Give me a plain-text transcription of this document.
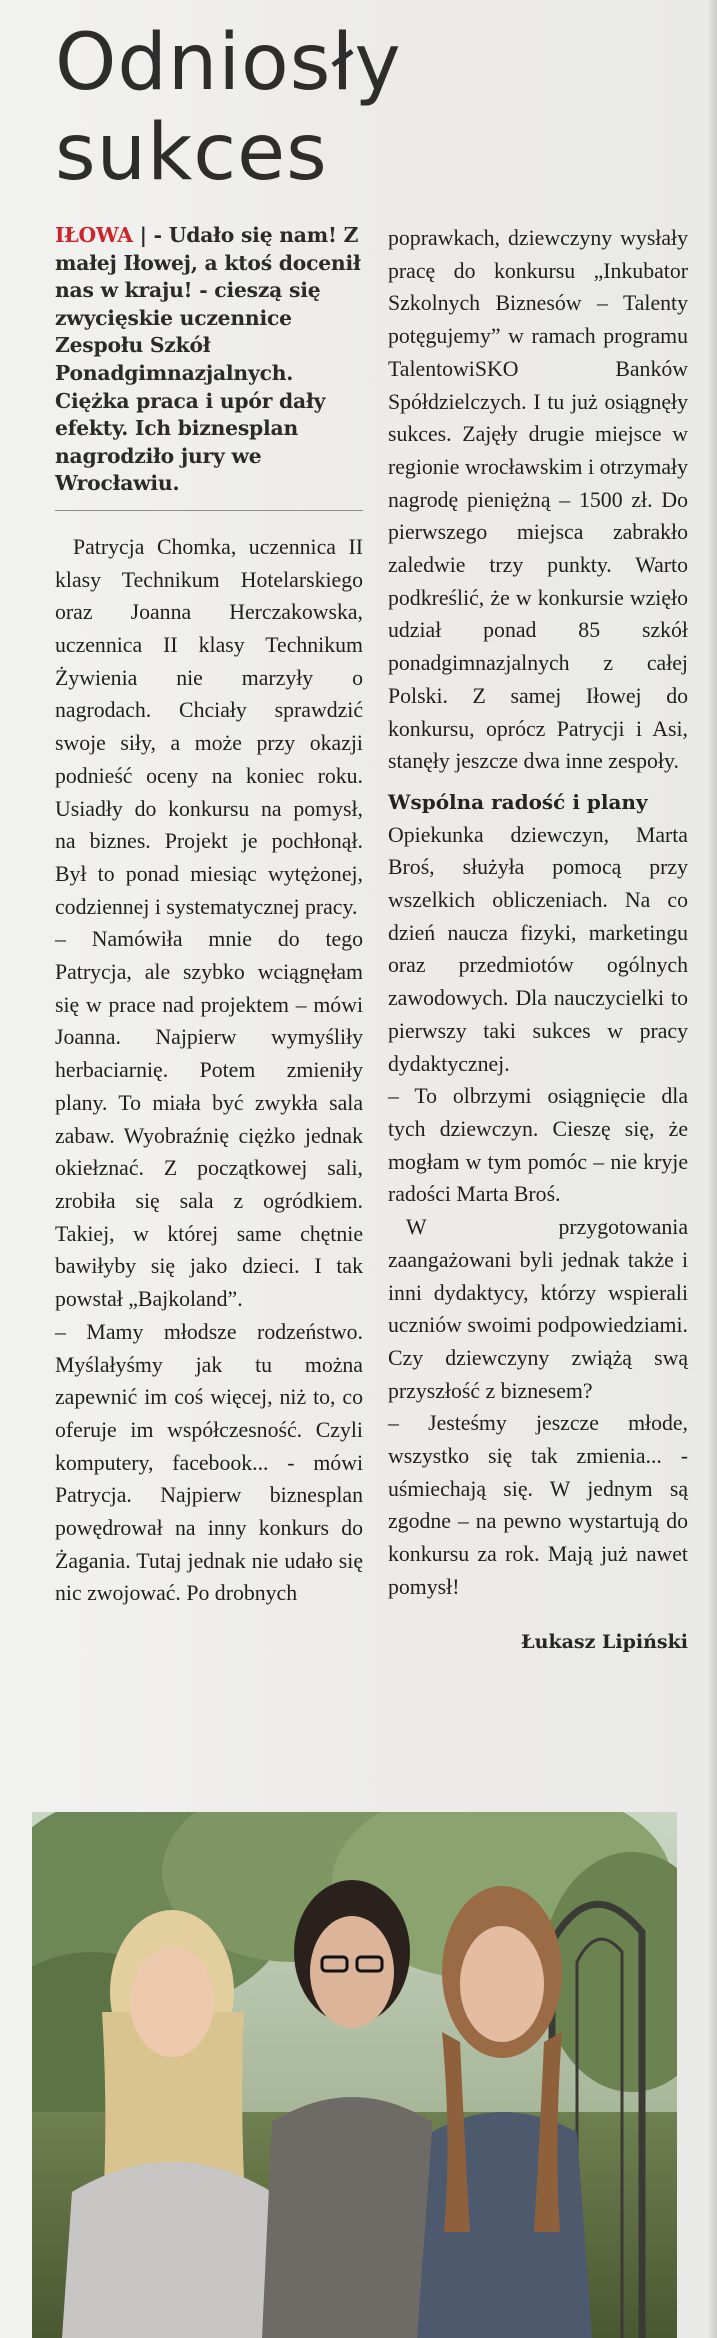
Odniosły
sukces

IŁOWA | - Udało się nam! Z małej Iłowej, a ktoś docenił nas w kraju! - cieszą się zwycięskie uczennice Zespołu Szkół Ponadgimnazjalnych. Ciężka praca i upór dały efekty. Ich biznesplan nagrodziło jury we Wrocławiu.

Patrycja Chomka, uczennica II klasy Technikum Hotelarskiego oraz Joanna Herczakowska, uczennica II klasy Technikum Żywienia nie marzyły o nagrodach. Chciały sprawdzić swoje siły, a może przy okazji podnieść oceny na koniec roku. Usiadły do konkursu na pomysł, na biznes. Projekt je pochłonął. Był to ponad miesiąc wytężonej, codziennej i systematycznej pracy.

– Namówiła mnie do tego Patrycja, ale szybko wciągnęłam się w prace nad projektem – mówi Joanna. Najpierw wymyśliły herbaciarnię. Potem zmieniły plany. To miała być zwykła sala zabaw. Wyobraźnię ciężko jednak okiełznać. Z początkowej sali, zrobiła się sala z ogródkiem. Takiej, w której same chętnie bawiłyby się jako dzieci. I tak powstał „Bajkoland”.

– Mamy młodsze rodzeństwo. Myślałyśmy jak tu można zapewnić im coś więcej, niż to, co oferuje im współczesność. Czyli komputery, facebook... - mówi Patrycja. Najpierw biznesplan powędrował na inny konkurs do Żagania. Tutaj jednak nie udało się nic zwojować. Po drobnych

poprawkach, dziewczyny wysłały pracę do konkursu „Inkubator Szkolnych Biznesów – Talenty potęgujemy” w ramach programu TalentowiSKO Banków Spółdzielczych. I tu już osiągnęły sukces. Zajęły drugie miejsce w regionie wrocławskim i otrzymały nagrodę pieniężną – 1500 zł. Do pierwszego miejsca zabrakło zaledwie trzy punkty. Warto podkreślić, że w konkursie wzięło udział ponad 85 szkół ponadgimnazjalnych z całej Polski. Z samej Iłowej do konkursu, oprócz Patrycji i Asi, stanęły jeszcze dwa inne zespoły.

Wspólna radość i plany

Opiekunka dziewczyn, Marta Broś, służyła pomocą przy wszelkich obliczeniach. Na co dzień naucza fizyki, marketingu oraz przedmiotów ogólnych zawodowych. Dla nauczycielki to pierwszy taki sukces w pracy dydaktycznej.

– To olbrzymi osiągnięcie dla tych dziewczyn. Cieszę się, że mogłam w tym pomóc – nie kryje radości Marta Broś.

W przygotowania zaangażowani byli jednak także i inni dydaktycy, którzy wspierali uczniów swoimi podpowiedziami. Czy dziewczyny zwiążą swą przyszłość z biznesem?

– Jesteśmy jeszcze młode, wszystko się tak zmienia... - uśmiechają się. W jednym są zgodne – na pewno wystartują do konkursu za rok. Mają już nawet pomysł!

Łukasz Lipiński
